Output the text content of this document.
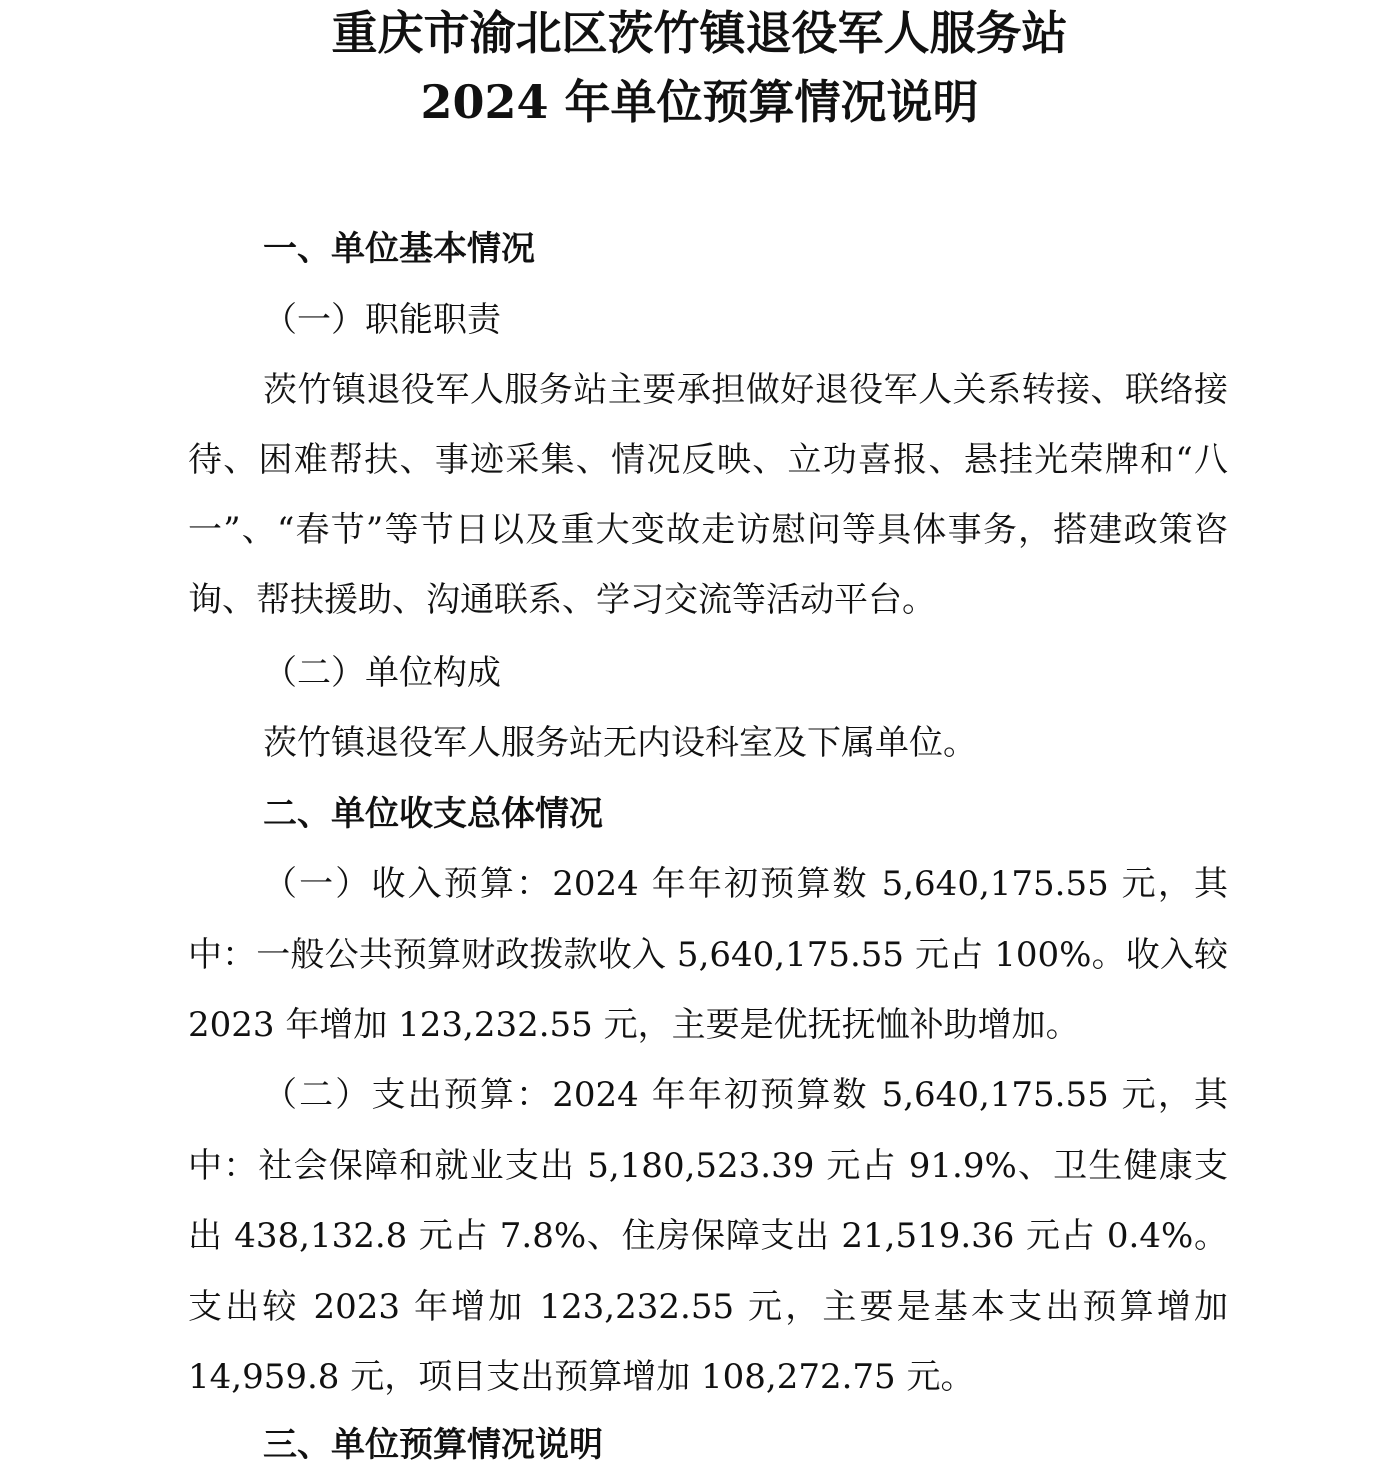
重庆市渝北区茨竹镇退役军人服务站
2024 年单位预算情况说明
一、单位基本情况
（一）职能职责
茨竹镇退役军人服务站主要承担做好退役军人关系转接、联络接待、困难帮扶、事迹采集、情况反映、立功喜报、悬挂光荣牌和“八一”、“春节”等节日以及重大变故走访慰问等具体事务，搭建政策咨询、帮扶援助、沟通联系、学习交流等活动平台。
（二）单位构成
茨竹镇退役军人服务站无内设科室及下属单位。
二、单位收支总体情况
（一）收入预算：2024 年年初预算数 5,640,175.55 元，其中：一般公共预算财政拨款收入 5,640,175.55 元占 100%。收入较 2023 年增加 123,232.55 元，主要是优抚抚恤补助增加。
（二）支出预算：2024 年年初预算数 5,640,175.55 元，其中：社会保障和就业支出 5,180,523.39 元占 91.9%、卫生健康支出 438,132.8 元占 7.8%、住房保障支出 21,519.36 元占 0.4%。支出较 2023 年增加 123,232.55 元，主要是基本支出预算增加 14,959.8 元，项目支出预算增加 108,272.75 元。
三、单位预算情况说明
